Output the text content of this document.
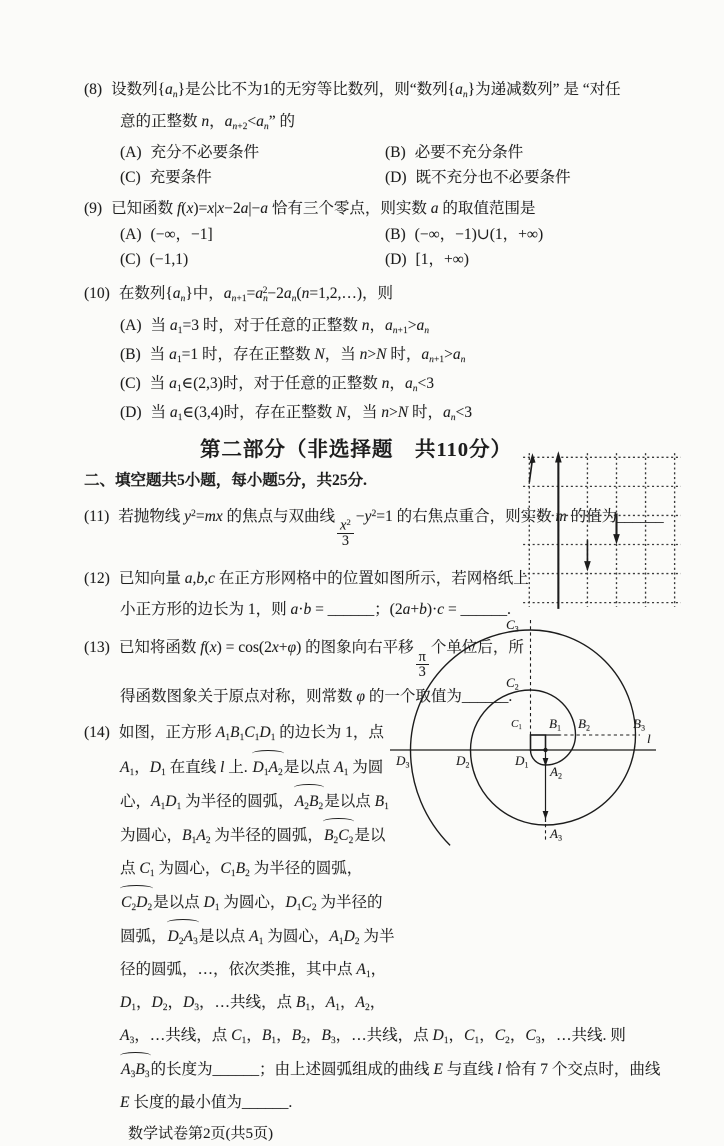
(8) 设数列$\{a_n\}$是公比不为1的无穷等比数列，则“数列$\{a_n\}$为递减数列” 是 “对任
意的正整数 n，$a_{n+2}<a_n$” 的
(A) 充分不必要条件	(B) 必要不充分条件
(C) 充要条件	(D) 既不充分也不必要条件
(9) 已知函数 f(x)=x|x−2a|−a 恰有三个零点，则实数 a 的取值范围是
(A) (−∞，−1]	(B) (−∞，−1)∪(1，+∞)
(C) (−1,1)	(D) [1，+∞)
(10) 在数列$\{a_n\}$中，$a_{n+1}=a_n^2-2a_n(n=1,2,\dots)$，则
(A) 当 $a_1=3$ 时，对于任意的正整数 n，$a_{n+1}>a_n$
(B) 当 $a_1=1$ 时，存在正整数 N，当 n>N 时，$a_{n+1}>a_n$
(C) 当 $a_1\in(2,3)$时，对于任意的正整数 n，$a_n<3$
(D) 当 $a_1\in(3,4)$时，存在正整数 N，当 n>N 时，$a_n<3$
第二部分（非选择题　共110分）
二、填空题共5小题，每小题5分，共25分.
(11) 若抛物线 $y^2=mx$ 的焦点与双曲线
$\frac{x^2}{3}$
$-y^2=1$ 的右焦点重合，则实数 m 的值为______
(12) 已知向量 a,b,c 在正方形网格中的位置如图所示，若网格纸上
小正方形的边长为 1，则 a·b = ______；(2a+b)·c = ______.
(13) 已知将函数 f(x) = cos(2x+φ) 的图象向右平移
$\frac{\pi}{3}$
个单位后，所
得函数图象关于原点对称，则常数 φ 的一个取值为______.
(14) 如图，正方形 $A_1B_1C_1D_1$ 的边长为 1，点
$A_1$，$D_1$ 在直线 l 上. $D_1A_2$是以点 $A_1$ 为圆
心，$A_1D_1$ 为半径的圆弧，$A_2B_2$是以点 $B_1$
为圆心，$B_1A_2$ 为半径的圆弧，$B_2C_2$是以
点 $C_1$ 为圆心，$C_1B_2$ 为半径的圆弧，
$C_2D_2$是以点 $D_1$ 为圆心，$D_1C_2$ 为半径的
圆弧，$D_2A_3$是以点 $A_1$ 为圆心，$A_1D_2$ 为半
径的圆弧，…，依次类推，其中点 $A_1$，
$D_1$，$D_2$，$D_3$，…共线，点 $B_1$，$A_1$，$A_2$，
$A_3$，…共线，点 $C_1$，$B_1$，$B_2$，$B_3$，…共线，点 $D_1$，$C_1$，$C_2$，$C_3$，…共线. 则
$A_3B_3$的长度为______；由上述圆弧组成的曲线 E 与直线 l 恰有 7 个交点时，曲线
E 长度的最小值为______.
数学试卷第2页(共5页)
$C_3$
$C_2$
$C_1$ $B_1$ $B_2$	$B_3$
l
$D_3$	$D_2$	$D_1$ $A_2$
$A_3$
